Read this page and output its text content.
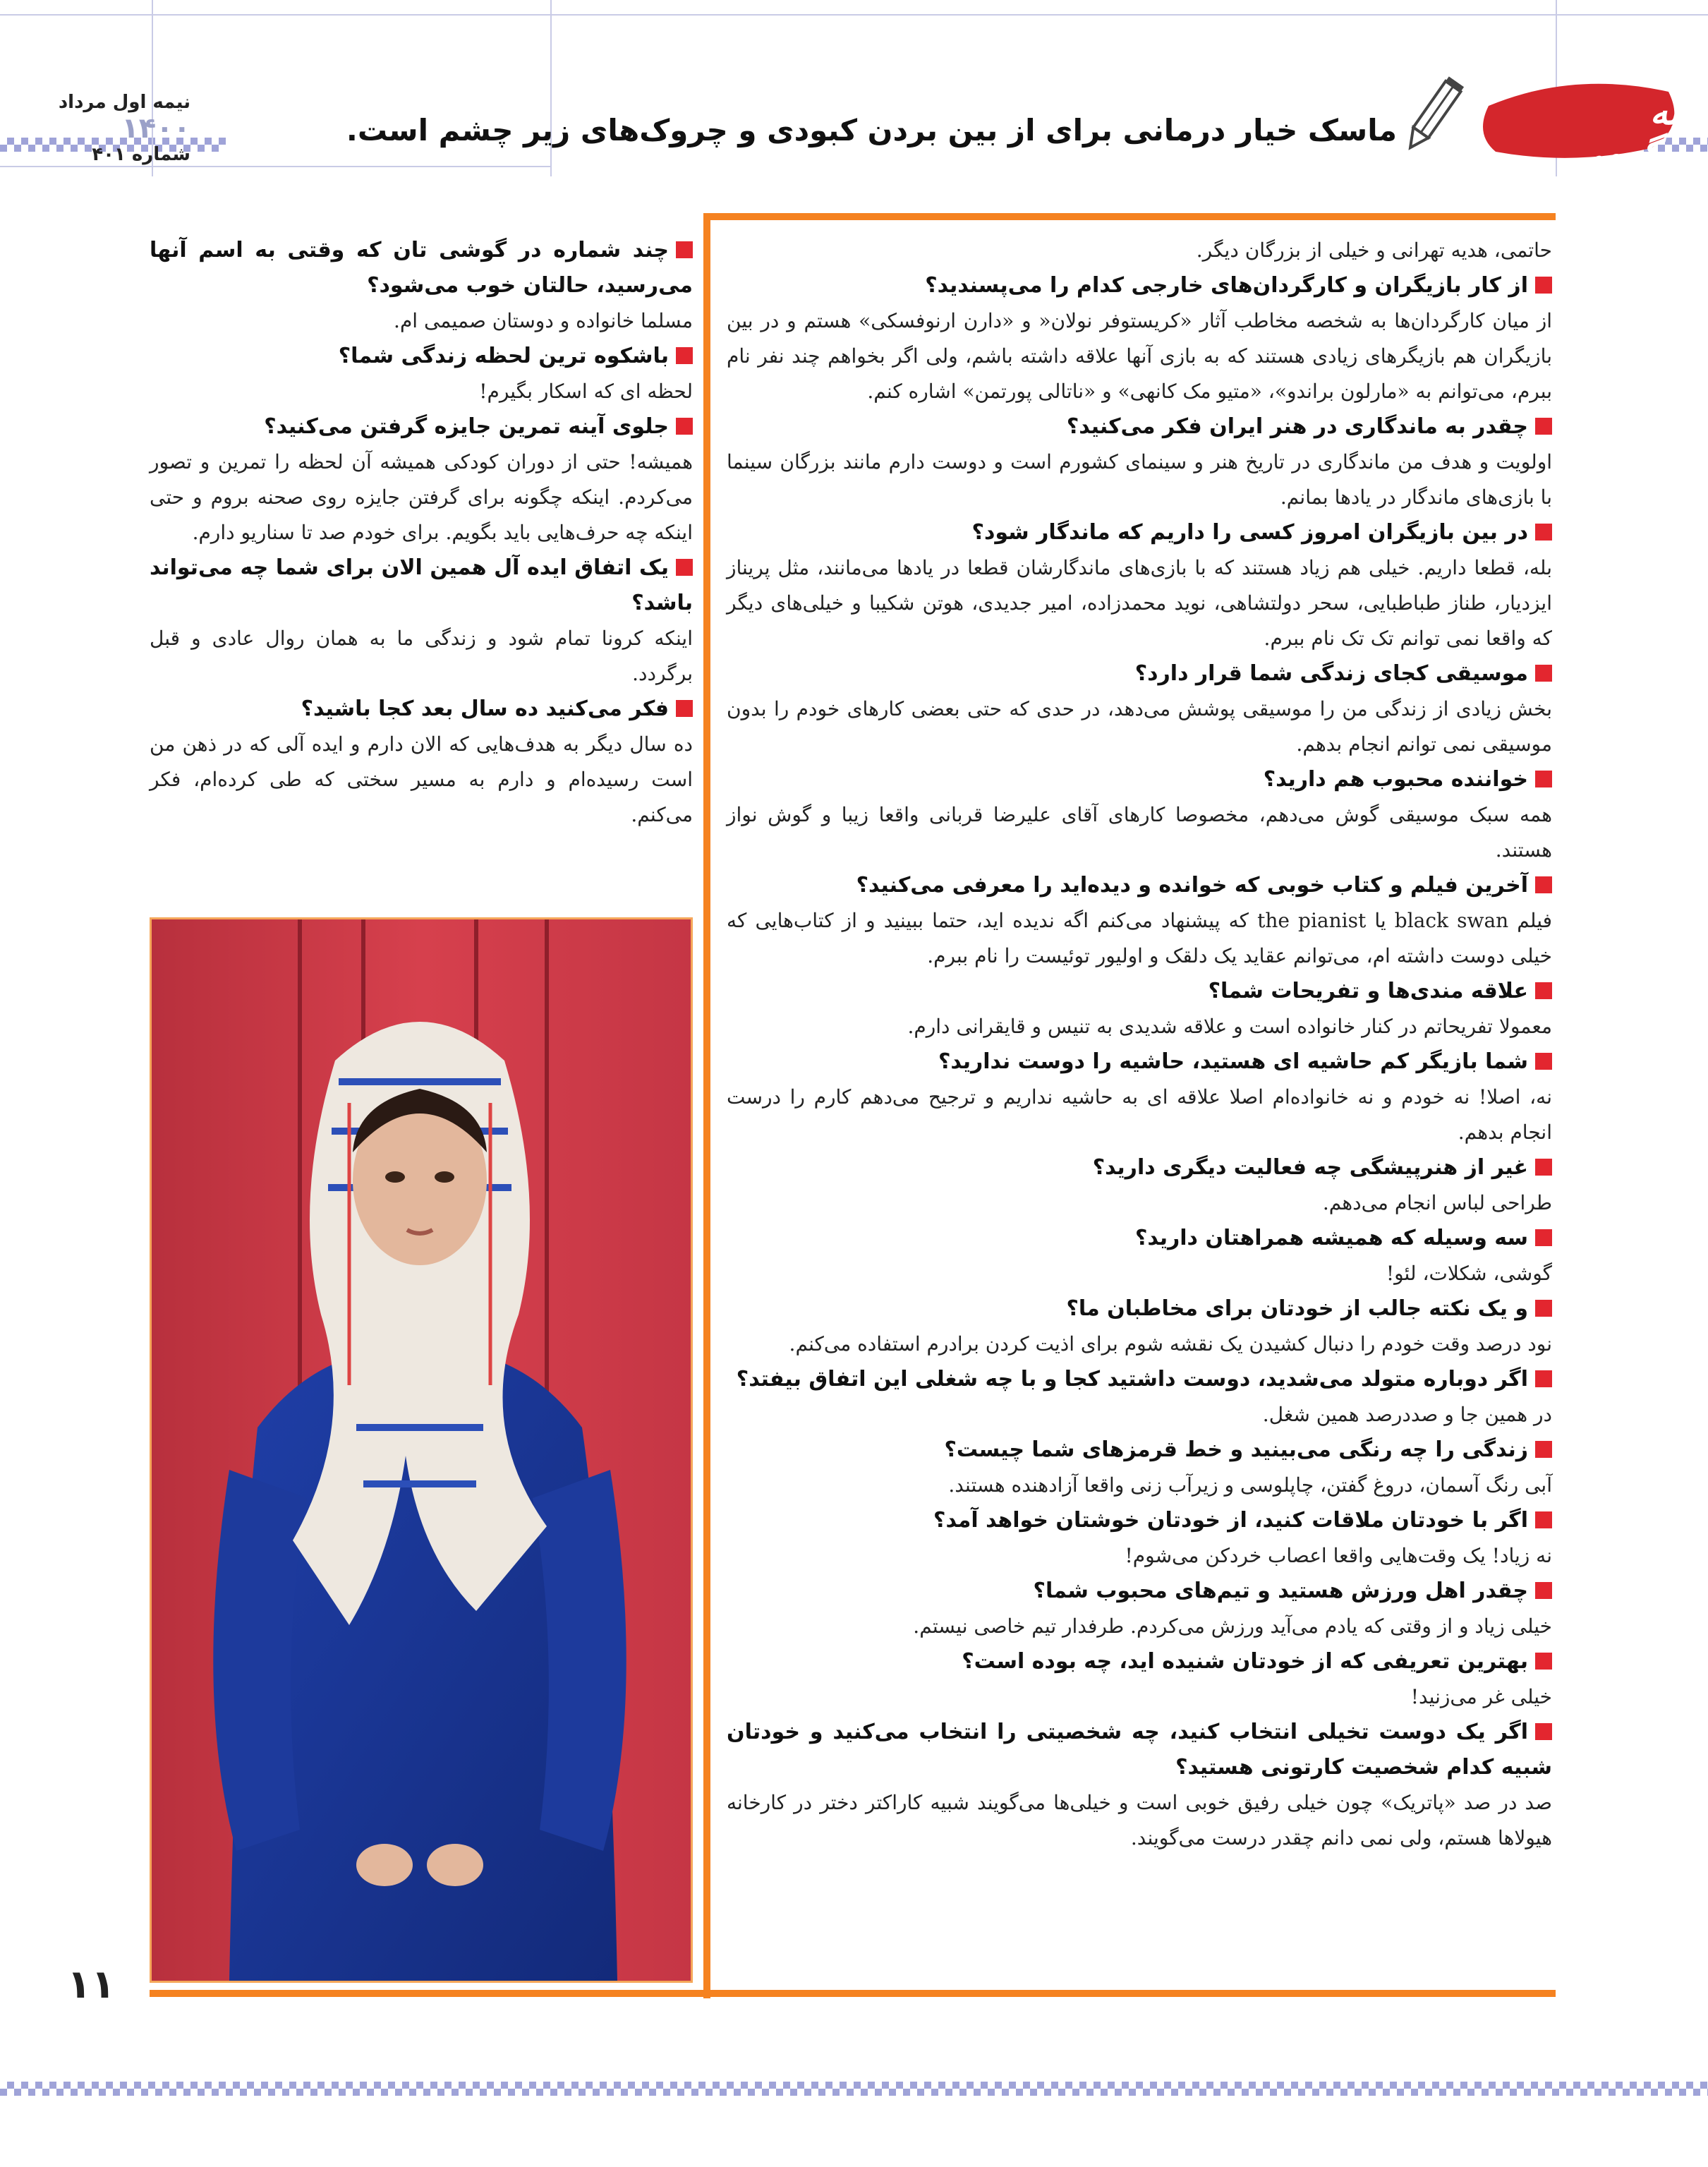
نیمه اول مرداد
۱۴۰۰
شماره ۴۰۱
ماسک خیار درمانی برای از بین بردن کبودی و چروک‌های زیر چشم است.	کلبه سرگرمی
حاتمی، هدیه تهرانی و خیلی از بزرگان دیگر.
از کار بازیگران و کارگردان‌های خارجی کدام را می‌پسندید؟
از میان کارگردان‌ها به شخصه مخاطب آثار «کریستوفر نولان« و «دارن ارنوفسکی» هستم و در بین بازیگران هم بازیگرهای زیادی هستند که به بازی آنها علاقه داشته باشم، ولی اگر بخواهم چند نفر نام ببرم، می‌توانم به «مارلون براندو»، «متیو مک کانهی» و «ناتالی پورتمن» اشاره کنم.
چقدر به ماندگاری در هنر ایران فکر می‌کنید؟
اولویت و هدف من ماندگاری در تاریخ هنر و سینمای کشورم است و دوست دارم مانند بزرگان سینما با بازی‌های ماندگار در یادها بمانم.
در بین بازیگران امروز کسی را داریم که ماندگار شود؟
بله، قطعا داریم. خیلی هم زیاد هستند که با بازی‌های ماندگارشان قطعا در یادها می‌مانند، مثل پریناز ایزدیار، طناز طباطبایی، سحر دولتشاهی، نوید محمدزاده، امیر جدیدی، هوتن شکیبا و خیلی‌های دیگر که واقعا نمی توانم تک تک نام ببرم.
موسیقی کجای زندگی شما قرار دارد؟
بخش زیادی از زندگی من را موسیقی پوشش می‌دهد، در حدی که حتی بعضی کارهای خودم را بدون موسیقی نمی توانم انجام بدهم.
خواننده محبوب هم دارید؟
همه سبک موسیقی گوش می‌دهم، مخصوصا کارهای آقای علیرضا قربانی واقعا زیبا و گوش نواز هستند.
آخرین فیلم و کتاب خوبی که خوانده و دیده‌اید را معرفی می‌کنید؟
فیلم black swan یا the pianist که پیشنهاد می‌کنم اگه ندیده اید، حتما ببینید و از کتاب‌هایی که خیلی دوست داشته ام، می‌توانم عقاید یک دلقک و اولیور توئیست را نام ببرم.
علاقه مندی‌ها و تفریحات شما؟
معمولا تفریحاتم در کنار خانواده است و علاقه شدیدی به تنیس و قایقرانی دارم.
شما بازیگر کم حاشیه ای هستید، حاشیه را دوست ندارید؟
نه، اصلا! نه خودم و نه خانواده‌ام اصلا علاقه ای به حاشیه نداریم و ترجیح می‌دهم کارم را درست انجام بدهم.
غیر از هنرپیشگی چه فعالیت دیگری دارید؟
طراحی لباس انجام می‌دهم.
سه وسیله که همیشه همراهتان دارید؟
گوشی، شکلات، لئو!
و یک نکته جالب از خودتان برای مخاطبان ما؟
نود درصد وقت خودم را دنبال کشیدن یک نقشه شوم برای اذیت کردن برادرم استفاده می‌کنم.
اگر دوباره متولد می‌شدید، دوست داشتید کجا و با چه شغلی این اتفاق بیفتد؟
در همین جا و صددرصد همین شغل.
زندگی را چه رنگی می‌بینید و خط قرمزهای شما چیست؟
آبی رنگ آسمان، دروغ گفتن، چاپلوسی و زیرآب زنی واقعا آزادهنده هستند.
اگر با خودتان ملاقات کنید، از خودتان خوشتان خواهد آمد؟
نه زیاد! یک وقت‌هایی واقعا اعصاب خردکن می‌شوم!
چقدر اهل ورزش هستید و تیم‌های محبوب شما؟
خیلی زیاد و از وقتی که یادم می‌آید ورزش می‌کردم. طرفدار تیم خاصی نیستم.
بهترین تعریفی که از خودتان شنیده اید، چه بوده است؟
خیلی غر می‌زنید!
اگر یک دوست تخیلی انتخاب کنید، چه شخصیتی را انتخاب می‌کنید و خودتان شبیه کدام شخصیت کارتونی هستید؟
صد در صد «پاتریک» چون خیلی رفیق خوبی است و خیلی‌ها می‌گویند شبیه کاراکتر دختر در کارخانه هیولاها هستم، ولی نمی دانم چقدر درست می‌گویند.
چند شماره در گوشی تان که وقتی به اسم آنها می‌رسید، حالتان خوب می‌شود؟
مسلما خانواده و دوستان صمیمی ام.
باشکوه ترین لحظه زندگی شما؟
لحظه ای که اسکار بگیرم!
جلوی آینه تمرین جایزه گرفتن می‌کنید؟
همیشه! حتی از دوران کودکی همیشه آن لحظه را تمرین و تصور می‌کردم. اینکه چگونه برای گرفتن جایزه روی صحنه بروم و حتی اینکه چه حرف‌هایی باید بگویم. برای خودم صد تا سناریو دارم.
یک اتفاق ایده آل همین الان برای شما چه می‌تواند باشد؟
اینکه کرونا تمام شود و زندگی ما به همان روال عادی و قبل برگردد.
فکر می‌کنید ده سال بعد کجا باشید؟
ده سال دیگر به هدف‌هایی که الان دارم و ایده آلی که در ذهن من است رسیده‌ام و دارم به مسیر سختی که طی کرده‌ام، فکر می‌کنم.
۱۱
